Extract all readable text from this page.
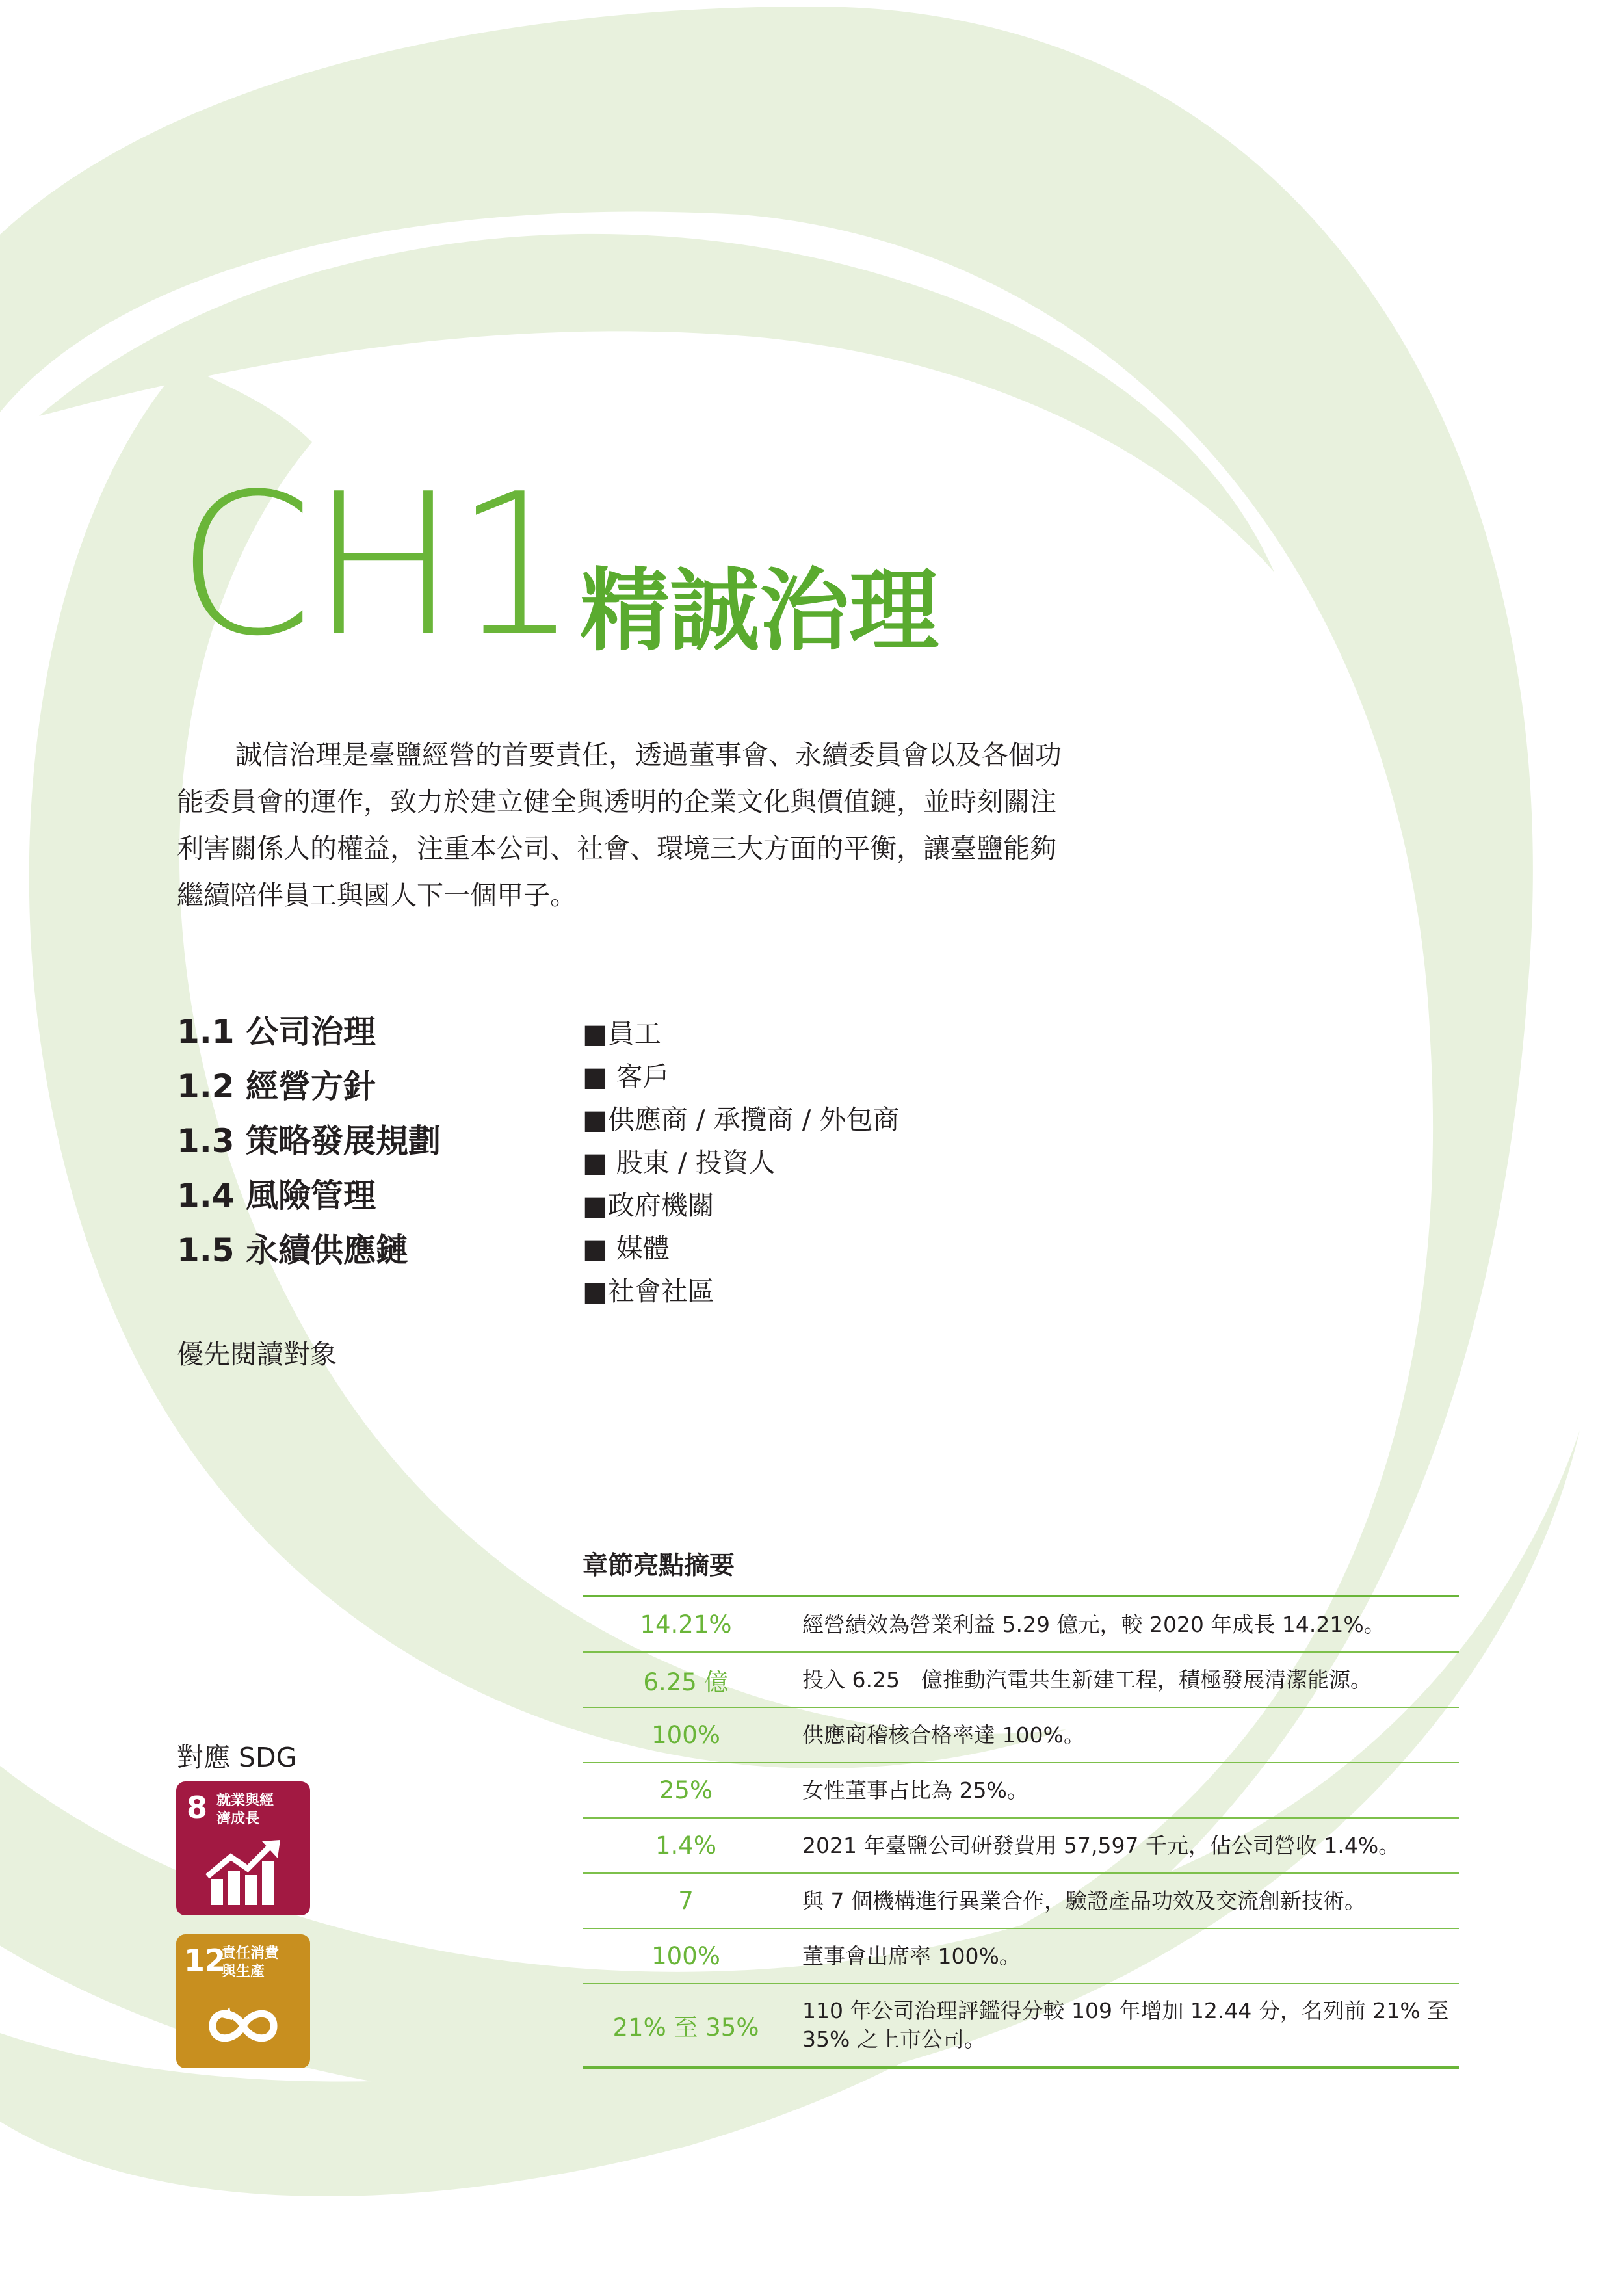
CH1 精誠治理

誠信治理是臺鹽經營的首要責任，透過董事會、永續委員會以及各個功能委員會的運作，致力於建立健全與透明的企業文化與價值鏈，並時刻關注利害關係人的權益，注重本公司、社會、環境三大方面的平衡，讓臺鹽能夠繼續陪伴員工與國人下一個甲子。

1.1 公司治理
1.2 經營方針
1.3 策略發展規劃
1.4 風險管理
1.5 永續供應鏈
■員工
■ 客戶
■供應商 / 承攬商 / 外包商
■ 股東 / 投資人
■政府機關
■ 媒體
■社會社區
優先閱讀對象
章節亮點摘要
14.21%	經營績效為營業利益 5.29 億元，較 2020 年成長 14.21%。
6.25 億	投入 6.25　億推動汽電共生新建工程，積極發展清潔能源。
100%	供應商稽核合格率達 100%。
25%	女性董事占比為 25%。
1.4%	2021 年臺鹽公司研發費用 57,597 千元，佔公司營收 1.4%。
7	與 7 個機構進行異業合作，驗證產品功效及交流創新技術。
100%	董事會出席率 100%。
21% 至 35%	110 年公司治理評鑑得分較 109 年增加 12.44 分，名列前 21% 至 35% 之上市公司。
對應 SDG
8 就業與經濟成長
12
責任消費與生產
